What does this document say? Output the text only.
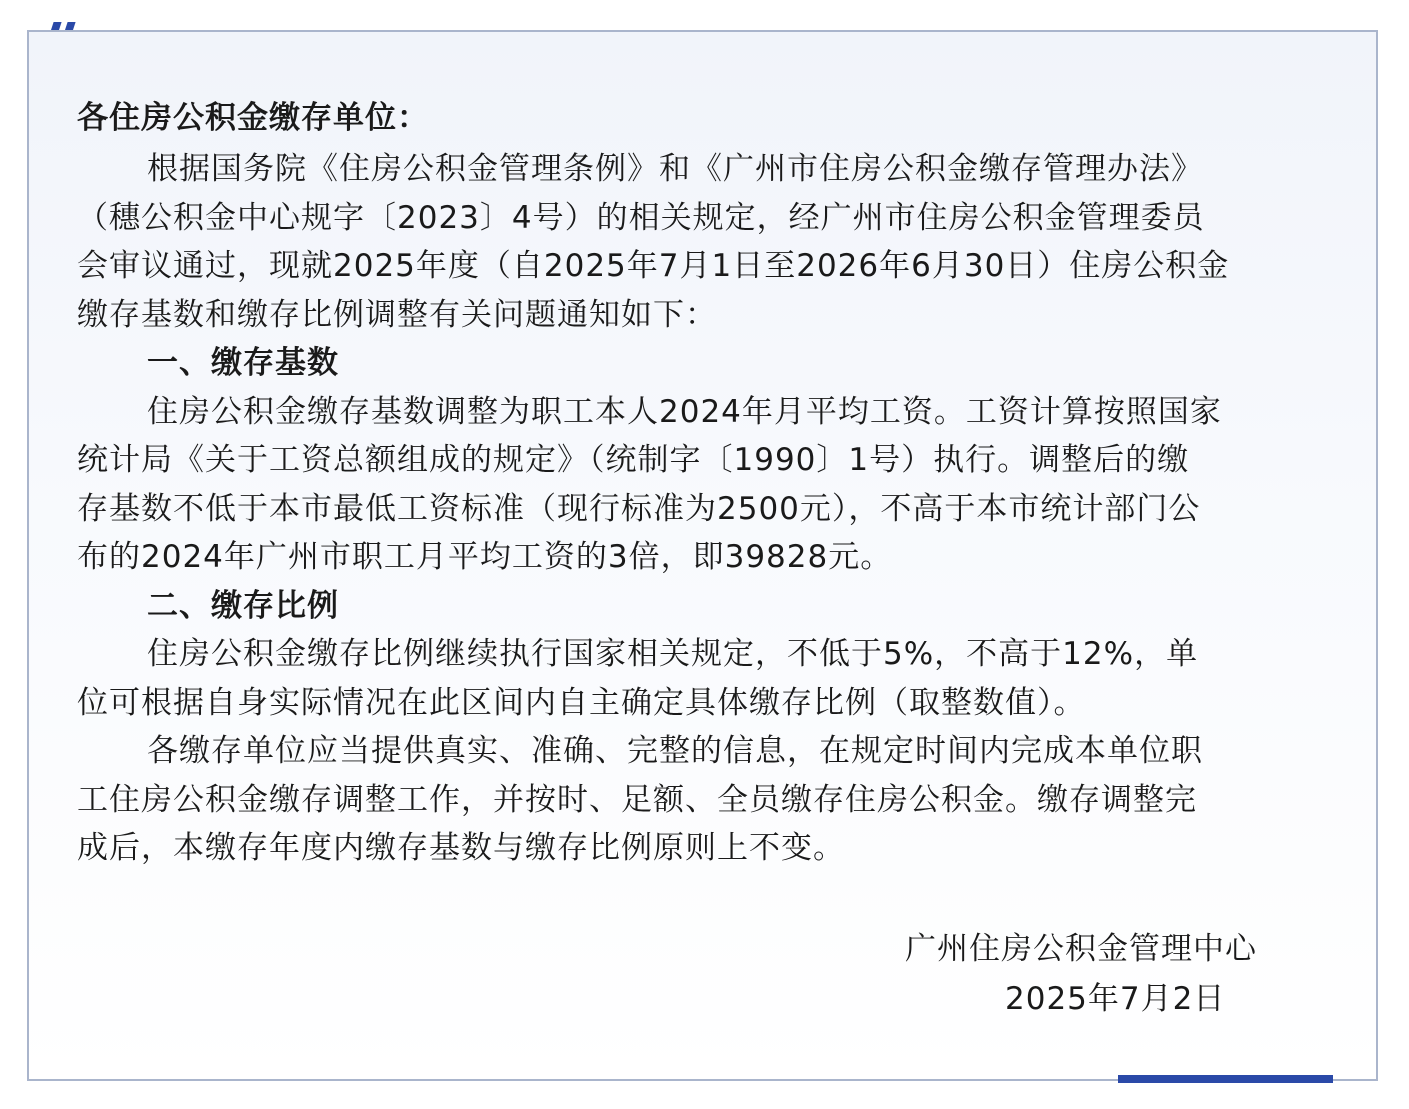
各住房公积金缴存单位：

根据国务院《住房公积金管理条例》和《广州市住房公积金缴存管理办法》

（穗公积金中心规字〔2023〕4号）的相关规定，经广州市住房公积金管理委员

会审议通过，现就2025年度（自2025年7月1日至2026年6月30日）住房公积金

缴存基数和缴存比例调整有关问题通知如下：

一、缴存基数

住房公积金缴存基数调整为职工本人2024年月平均工资。工资计算按照国家

统计局《关于工资总额组成的规定》（统制字〔1990〕1号）执行。调整后的缴

存基数不低于本市最低工资标准（现行标准为2500元），不高于本市统计部门公

布的2024年广州市职工月平均工资的3倍，即39828元。

二、缴存比例

住房公积金缴存比例继续执行国家相关规定，不低于5%，不高于12%，单

位可根据自身实际情况在此区间内自主确定具体缴存比例（取整数值）。

各缴存单位应当提供真实、准确、完整的信息，在规定时间内完成本单位职

工住房公积金缴存调整工作，并按时、足额、全员缴存住房公积金。缴存调整完

成后，本缴存年度内缴存基数与缴存比例原则上不变。

广州住房公积金管理中心

2025年7月2日
